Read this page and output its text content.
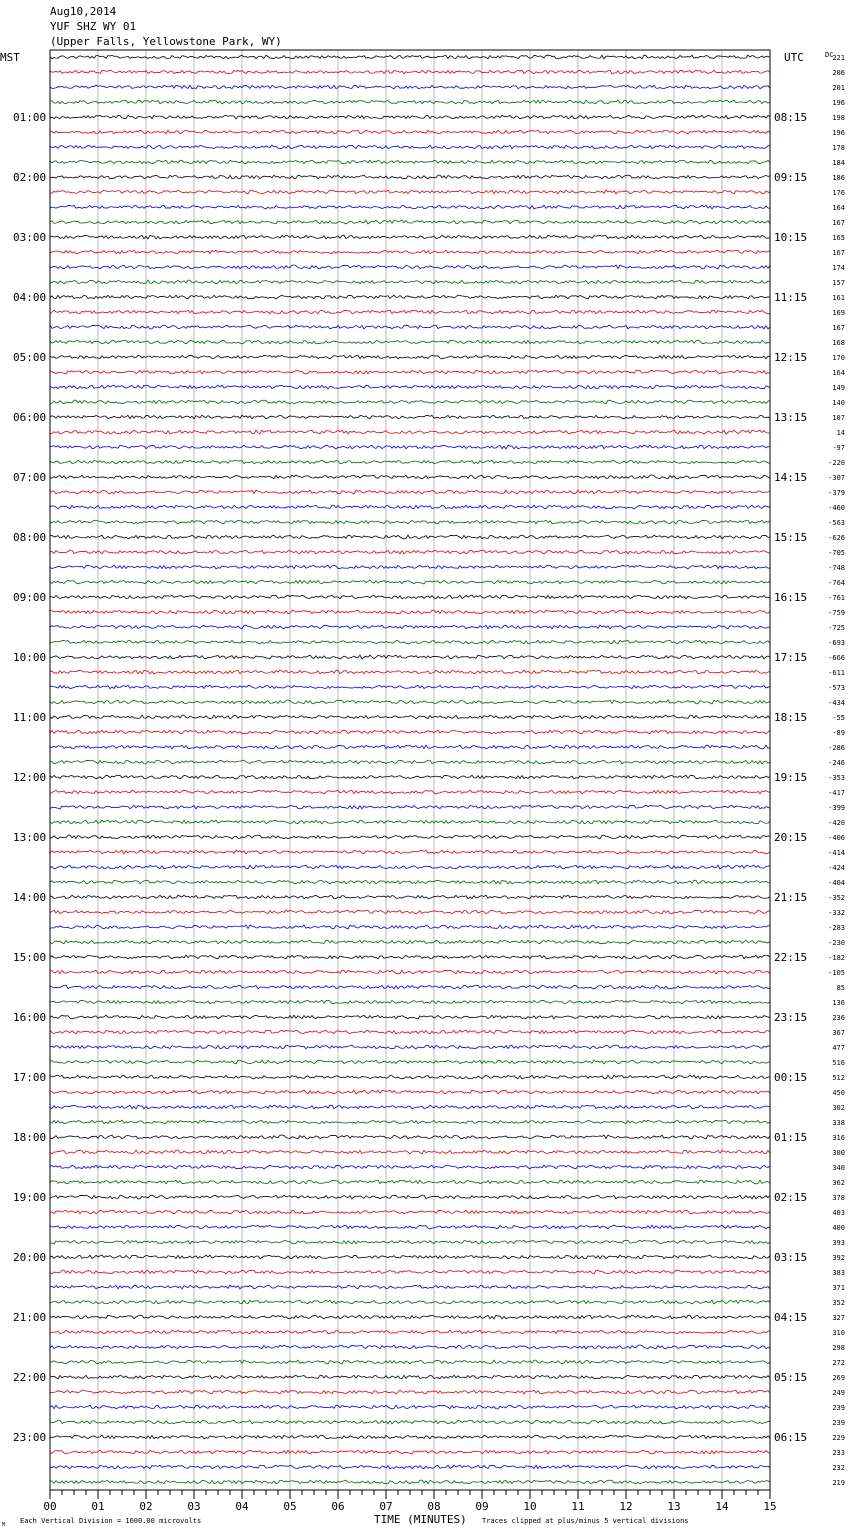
Aug10,2014
YUF SHZ WY 01
(Upper Falls, Yellowstone Park, WY)
00	01	02	03	04	05	06	07	08	09	10	11	12	13	14	15
01:00
02:00
03:00
04:00
05:00
06:00
07:00
08:00
09:00
10:00
11:00
12:00
13:00
14:00
15:00
16:00
17:00
18:00
19:00
20:00
21:00
22:00
23:00
08:15
09:15
10:15
11:15
12:15
13:15
14:15
15:15
16:15
17:15
18:15
19:15
20:15
21:15
22:15
23:15
00:15
01:15
02:15
03:15
04:15
05:15
06:15
221
206
201
196
198
196
178
184
186
176
164
167
165
167
174
157
161
169
167
168
170
164
149
140
107
14
-97
-220
-307
-379
-460
-563
-626
-705
-748
-764
-761
-759
-725
-693
-666
-611
-573
-434
-55
-89
-286
-246
-353
-417
-399
-420
-406
-414
-424
-404
-352
-332
-283
-230
-182
-105
85
136
236
367
477
516
512
450
302
338
316
300
340
362
378
403
400
393
392
383
371
352
327
310
298
272
269
249
239
239
229
233
232
219
MST	UTC	DC
TIME (MINUTES)
Each Vertical Division = 1600.00 microvolts	Traces clipped at plus/minus 5 vertical divisions
M
